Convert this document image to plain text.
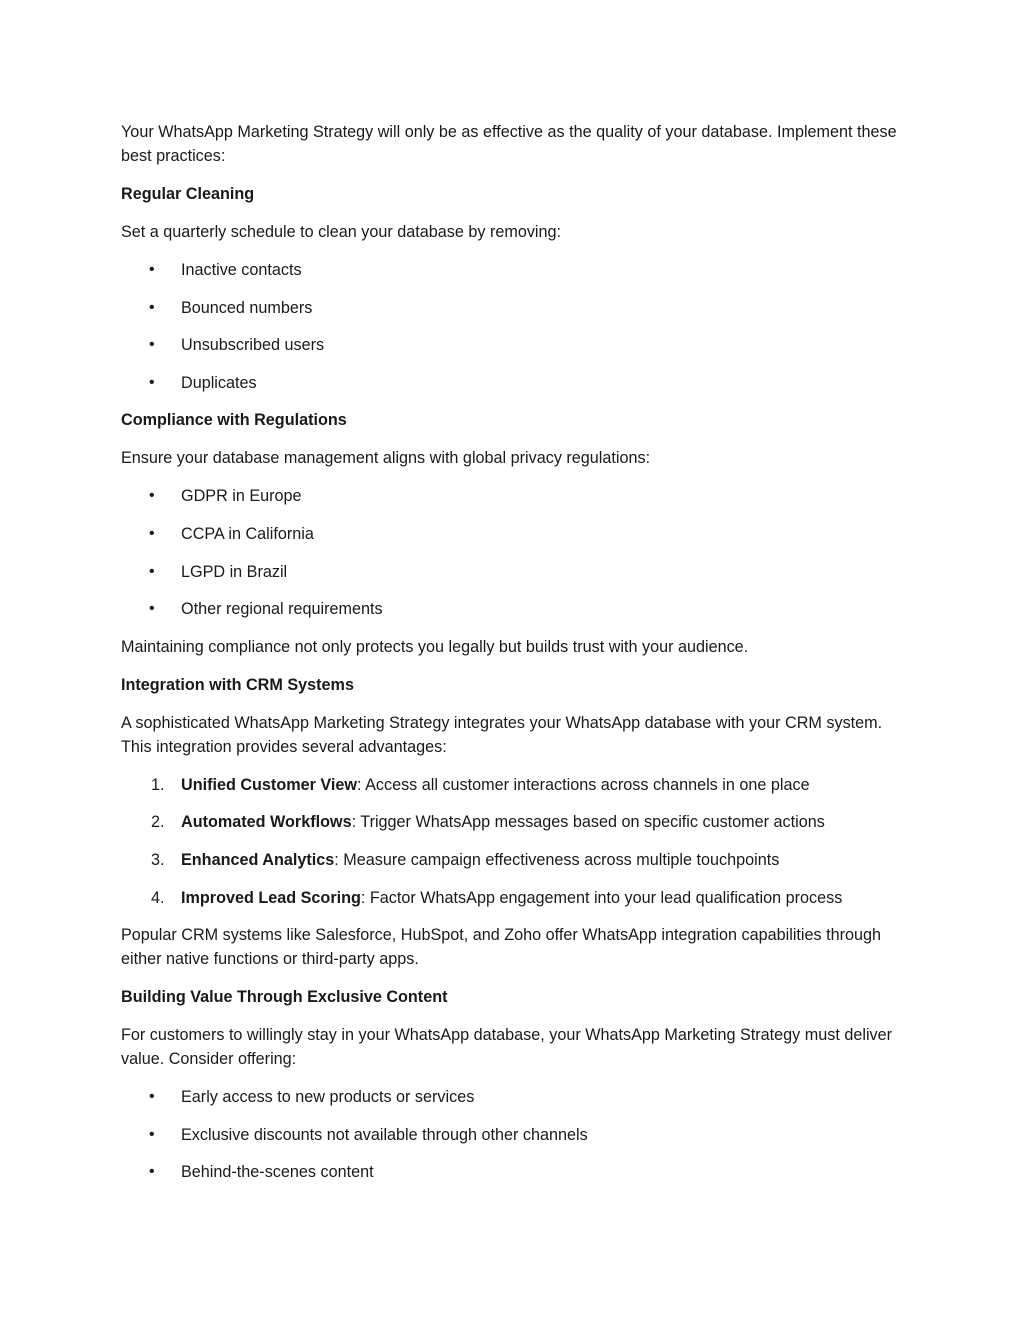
Your WhatsApp Marketing Strategy will only be as effective as the quality of your database. Implement these best practices:

Regular Cleaning

Set a quarterly schedule to clean your database by removing:

• Inactive contacts
• Bounced numbers
• Unsubscribed users
• Duplicates

Compliance with Regulations

Ensure your database management aligns with global privacy regulations:

• GDPR in Europe
• CCPA in California
• LGPD in Brazil
• Other regional requirements

Maintaining compliance not only protects you legally but builds trust with your audience.

Integration with CRM Systems

A sophisticated WhatsApp Marketing Strategy integrates your WhatsApp database with your CRM system. This integration provides several advantages:

1. Unified Customer View: Access all customer interactions across channels in one place
2. Automated Workflows: Trigger WhatsApp messages based on specific customer actions
3. Enhanced Analytics: Measure campaign effectiveness across multiple touchpoints
4. Improved Lead Scoring: Factor WhatsApp engagement into your lead qualification process

Popular CRM systems like Salesforce, HubSpot, and Zoho offer WhatsApp integration capabilities through either native functions or third-party apps.

Building Value Through Exclusive Content

For customers to willingly stay in your WhatsApp database, your WhatsApp Marketing Strategy must deliver value. Consider offering:

• Early access to new products or services
• Exclusive discounts not available through other channels
• Behind-the-scenes content
